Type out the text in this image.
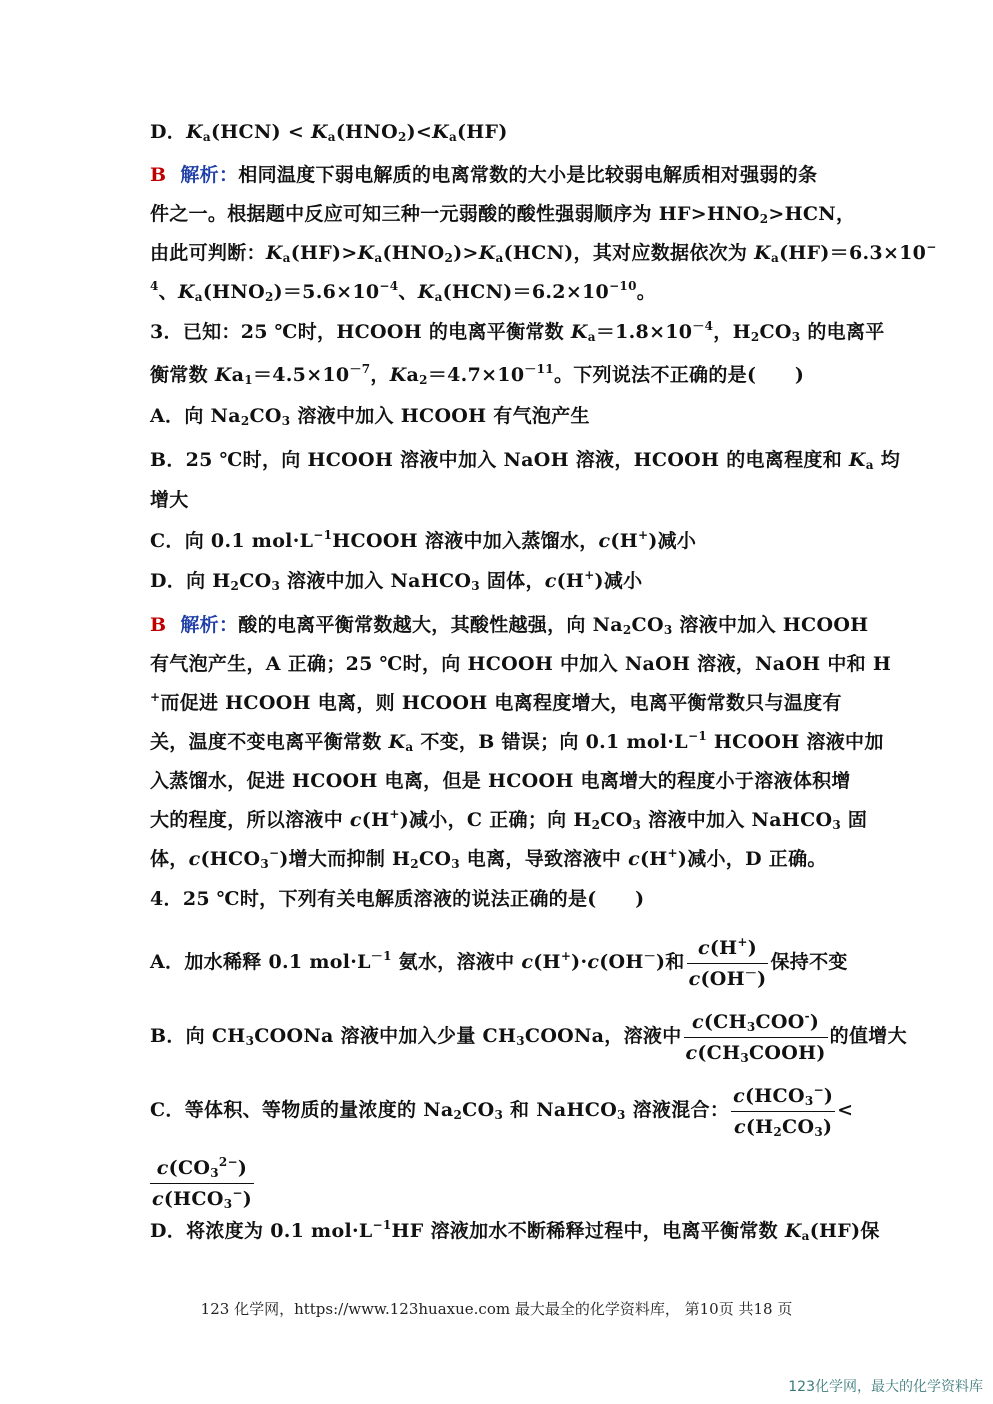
D．$K_a(HCN) < K_a(HNO_2)<K_a(HF)$
B 解析：相同温度下弱电解质的电离常数的大小是比较弱电解质相对强弱的条
件之一。根据题中反应可知三种一元弱酸的酸性强弱顺序为 $HF>HNO_2>HCN$，
由此可判断：$K_a(HF)>K_a(HNO_2)>K_a(HCN)$，其对应数据依次为 $K_a(HF)=6.3\times 10^-$
$^4$、$K_a(HNO_2)=5.6\times 10^{-4}$、$K_a(HCN)=6.2\times 10^{-10}$。
3．已知：25 ℃时，HCOOH 的电离平衡常数 $K_a=1.8\times 10^{-4}$，$H_2CO_3$ 的电离平
衡常数 $Ka_1=4.5\times 10^{-7}$，$Ka_2=4.7\times 10^{-11}$。下列说法不正确的是(　　)
A．向 $Na_2CO_3$ 溶液中加入 HCOOH 有气泡产生
B．25 ℃时，向 HCOOH 溶液中加入 NaOH 溶液，HCOOH 的电离程度和 $K_a$ 均
增大
C．向 0.1 $mol\cdot L^{-1}HCOOH$ 溶液中加入蒸馏水，c(H+)减小
D．向 $H_2CO_3$ 溶液中加入 NaHCO$_3$ 固体，c(H+)减小
B 解析：酸的电离平衡常数越大，其酸性越强，向 $Na_2CO_3$ 溶液中加入 HCOOH
有气泡产生，A 正确；25 ℃时，向 HCOOH 中加入 NaOH 溶液，NaOH 中和 H
+而促进 HCOOH 电离，则 HCOOH 电离程度增大，电离平衡常数只与温度有
关，温度不变电离平衡常数 $K_a$ 不变，B 错误；向 0.1 $mol\cdot L^{-1}$ HCOOH 溶液中加
入蒸馏水，促进 HCOOH 电离，但是 HCOOH 电离增大的程度小于溶液体积增
大的程度，所以溶液中 c(H+)减小，C 正确；向 $H_2CO_3$ 溶液中加入 NaHCO$_3$ 固
体，$c(HCO_3^-)$增大而抑制 $H_2CO_3$ 电离，导致溶液中 c(H+)减小，D 正确。
4．25 ℃时，下列有关电解质溶液的说法正确的是(　　)
A．加水稀释 0.1 $mol\cdot L^{-1}$ 氨水，溶液中 c(H+)·c(OH－)和 $\frac{c(H^+)}{c(OH^-)}$ 保持不变
B．向 $CH_3COONa$ 溶液中加入少量 $CH_3COONa$，溶液中 $\frac{c(CH_3COO^-)}{c(CH_3COOH)}$ 的值增大
C．等体积、等物质的量浓度的 $Na_2CO_3$ 和 NaHCO$_3$ 溶液混合： $\frac{c(HCO_3^-)}{c(H_2CO_3)}$ <
$\frac{c(CO_3^{2-})}{c(HCO_3^-)}$
D．将浓度为 0.1 $mol\cdot L^{-1}HF$ 溶液加水不断稀释过程中，电离平衡常数 $K_a(HF)$保
123 化学网，https://www.123huaxue.com 最大最全的化学资料库， 第10页 共18 页
123化学网，最大的化学资料库
